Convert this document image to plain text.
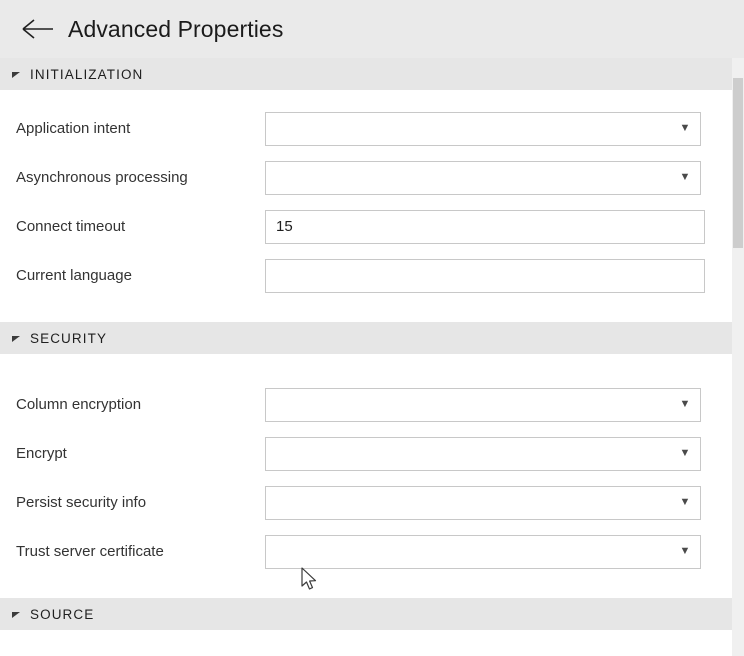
Advanced Properties
INITIALIZATION
Application intent	▼
Asynchronous processing	▼
Connect timeout	15
Current language
SECURITY
Column encryption	▼
Encrypt	▼
Persist security info	▼
Trust server certificate	▼
SOURCE
